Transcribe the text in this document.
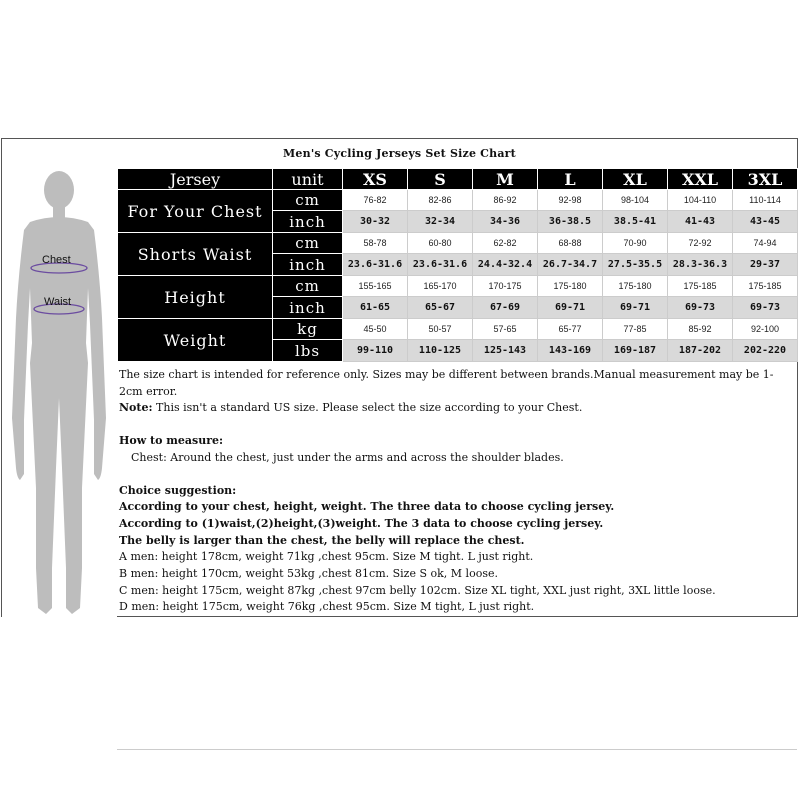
Men's Cycling Jerseys Set Size Chart
Chest
Waist
Jersey	unit	XS	S	M	L	XL	XXL	3XL
For Your Chest	cm	76-82	82-86	86-92	92-98	98-104	104-110	110-114
	inch	30-32	32-34	34-36	36-38.5	38.5-41	41-43	43-45
Shorts Waist	cm	58-78	60-80	62-82	68-88	70-90	72-92	74-94
	inch	23.6-31.6	23.6-31.6	24.4-32.4	26.7-34.7	27.5-35.5	28.3-36.3	29-37
Height	cm	155-165	165-170	170-175	175-180	175-180	175-185	175-185
	inch	61-65	65-67	67-69	69-71	69-71	69-73	69-73
Weight	kg	45-50	50-57	57-65	65-77	77-85	85-92	92-100
	lbs	99-110	110-125	125-143	143-169	169-187	187-202	202-220

The size chart is intended for reference only. Sizes may be different between brands.Manual measurement may be 1-2cm error.

Note: This isn't a standard US size. Please select the size according to your Chest.

How to measure:

Chest: Around the chest, just under the arms and across the shoulder blades.

Choice suggestion:

According to your chest, height, weight. The three data to choose cycling jersey.

According to (1)waist,(2)height,(3)weight. The 3 data to choose cycling jersey.

The belly is larger than the chest, the belly will replace the chest.

A men: height 178cm, weight 71kg ,chest 95cm. Size M tight. L just right.

B men: height 170cm, weight 53kg ,chest 81cm. Size S ok, M loose.

C men: height 175cm, weight 87kg ,chest 97cm belly 102cm. Size XL tight, XXL just right, 3XL little loose.

D men: height 175cm, weight 76kg ,chest 95cm. Size M tight, L just right.
